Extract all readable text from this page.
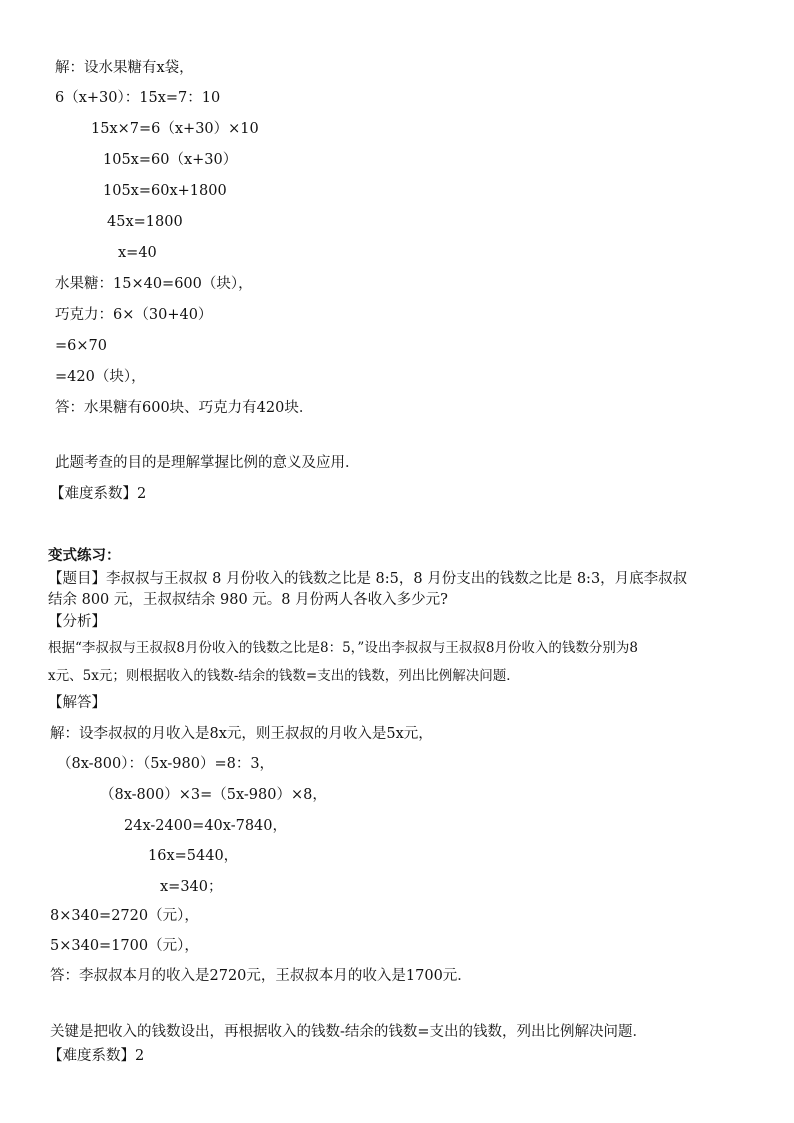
解：设水果糖有x袋，
6（x+30）：15x=7：10
15x×7=6（x+30）×10
105x=60（x+30）
105x=60x+1800
45x=1800
x=40
水果糖：15×40=600（块），
巧克力：6×（30+40）
=6×70
=420（块），
答：水果糖有600块、巧克力有420块．
此题考查的目的是理解掌握比例的意义及应用．
【难度系数】2
变式练习：
【题目】李叔叔与王叔叔 8 月份收入的钱数之比是 8:5，8 月份支出的钱数之比是 8:3，月底李叔叔
结余 800 元，王叔叔结余 980 元。8 月份两人各收入多少元?
【分析】
根据“李叔叔与王叔叔8月份收入的钱数之比是8：5，”设出李叔叔与王叔叔8月份收入的钱数分别为8
x元、5x元；则根据收入的钱数-结余的钱数=支出的钱数，列出比例解决问题．
【解答】
解：设李叔叔的月收入是8x元，则王叔叔的月收入是5x元，
（8x-800）：（5x-980）=8：3，
（8x-800）×3=（5x-980）×8，
24x-2400=40x-7840，
16x=5440，
x=340；
8×340=2720（元），
5×340=1700（元），
答：李叔叔本月的收入是2720元，王叔叔本月的收入是1700元．
关键是把收入的钱数设出，再根据收入的钱数-结余的钱数=支出的钱数，列出比例解决问题．
【难度系数】2
